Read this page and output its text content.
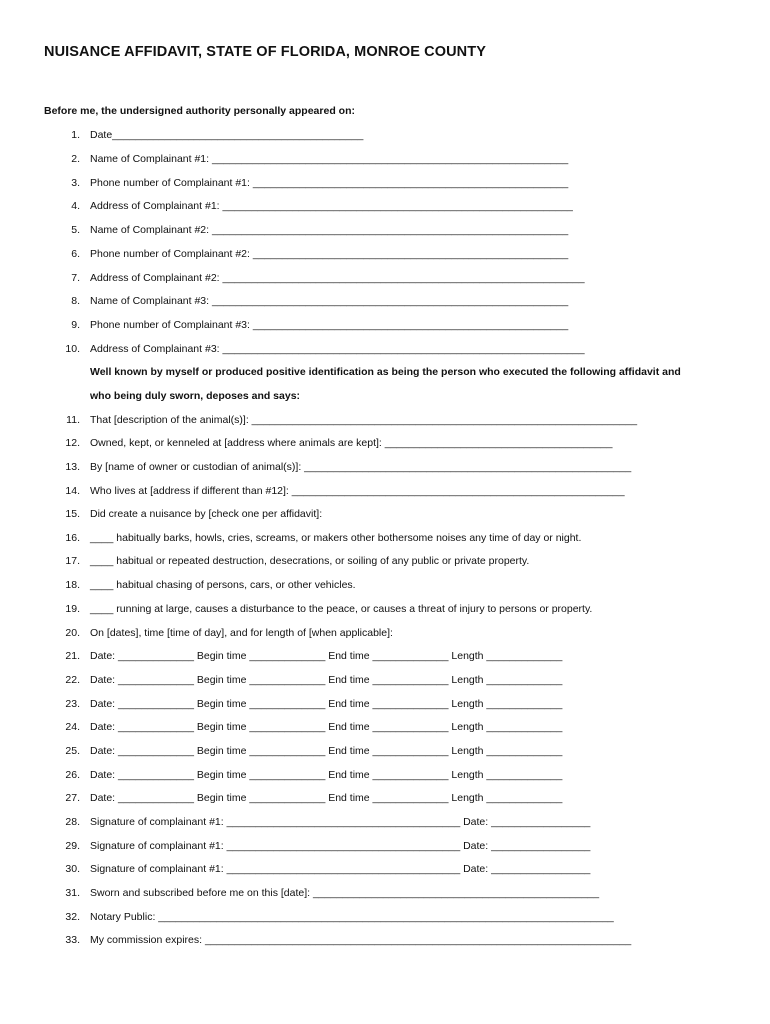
NUISANCE AFFIDAVIT, STATE OF FLORIDA, MONROE COUNTY
Before me, the undersigned authority personally appeared on:
1. Date___________________________________________
2. Name of Complainant #1: _____________________________________________________________
3. Phone number of Complainant #1: ______________________________________________________
4. Address of Complainant #1: ____________________________________________________________
5. Name of Complainant #2: _____________________________________________________________
6. Phone number of Complainant #2: ______________________________________________________
7. Address of Complainant #2: ______________________________________________________________
8. Name of Complainant #3: _____________________________________________________________
9. Phone number of Complainant #3: ______________________________________________________
10. Address of Complainant #3: ______________________________________________________________
Well known by myself or produced positive identification as being the person who executed the following affidavit and
who being duly sworn, deposes and says:
11. That [description of the animal(s)]: __________________________________________________________________
12. Owned, kept, or kenneled at [address where animals are kept]: _______________________________________
13. By [name of owner or custodian of animal(s)]: ________________________________________________________
14. Who lives at [address if different than #12]: _________________________________________________________
15. Did create a nuisance by [check one per affidavit]:
16. ____ habitually barks, howls, cries, screams, or makers other bothersome noises any time of day or night.
17. ____ habitual or repeated destruction, desecrations, or soiling of any public or private property.
18. ____ habitual chasing of persons, cars, or other vehicles.
19. ____ running at large, causes a disturbance to the peace, or causes a threat of injury to persons or property.
20. On [dates], time [time of day], and for length of [when applicable]:
21. Date: _____________ Begin time _____________ End time _____________ Length _____________
22. Date: _____________ Begin time _____________ End time _____________ Length _____________
23. Date: _____________ Begin time _____________ End time _____________ Length _____________
24. Date: _____________ Begin time _____________ End time _____________ Length _____________
25. Date: _____________ Begin time _____________ End time _____________ Length _____________
26. Date: _____________ Begin time _____________ End time _____________ Length _____________
27. Date: _____________ Begin time _____________ End time _____________ Length _____________
28. Signature of complainant #1: ________________________________________ Date: _________________
29. Signature of complainant #1: ________________________________________ Date: _________________
30. Signature of complainant #1: ________________________________________ Date: _________________
31. Sworn and subscribed before me on this [date]: _________________________________________________
32. Notary Public: ______________________________________________________________________________
33. My commission expires: _________________________________________________________________________
